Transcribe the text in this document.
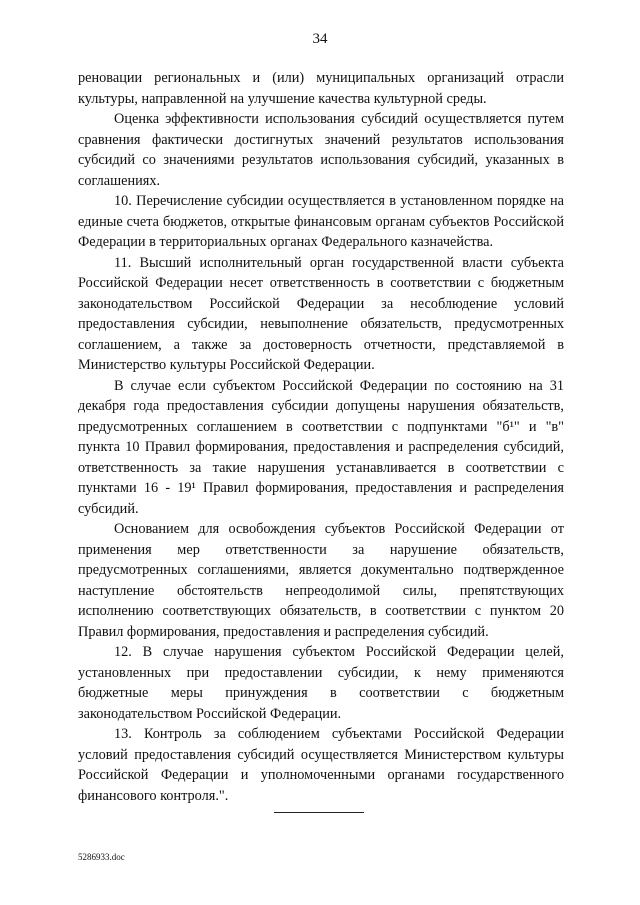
34

реновации региональных и (или) муниципальных организаций отрасли культуры, направленной на улучшение качества культурной среды.

Оценка эффективности использования субсидий осуществляется путем сравнения фактически достигнутых значений результатов использования субсидий со значениями результатов использования субсидий, указанных в соглашениях.

10. Перечисление субсидии осуществляется в установленном порядке на единые счета бюджетов, открытые финансовым органам субъектов Российской Федерации в территориальных органах Федерального казначейства.

11. Высший исполнительный орган государственной власти субъекта Российской Федерации несет ответственность в соответствии с бюджетным законодательством Российской Федерации за несоблюдение условий предоставления субсидии, невыполнение обязательств, предусмотренных соглашением, а также за достоверность отчетности, представляемой в Министерство культуры Российской Федерации.

В случае если субъектом Российской Федерации по состоянию на 31 декабря года предоставления субсидии допущены нарушения обязательств, предусмотренных соглашением в соответствии с подпунктами "б¹" и "в" пункта 10 Правил формирования, предоставления и распределения субсидий, ответственность за такие нарушения устанавливается в соответствии с пунктами 16 - 19¹ Правил формирования, предоставления и распределения субсидий.

Основанием для освобождения субъектов Российской Федерации от применения мер ответственности за нарушение обязательств, предусмотренных соглашениями, является документально подтвержденное наступление обстоятельств непреодолимой силы, препятствующих исполнению соответствующих обязательств, в соответствии с пунктом 20 Правил формирования, предоставления и распределения субсидий.

12. В случае нарушения субъектом Российской Федерации целей, установленных при предоставлении субсидии, к нему применяются бюджетные меры принуждения в соответствии с бюджетным законодательством Российской Федерации.

13. Контроль за соблюдением субъектами Российской Федерации условий предоставления субсидий осуществляется Министерством культуры Российской Федерации и уполномоченными органами государственного финансового контроля.".

5286933.doc
